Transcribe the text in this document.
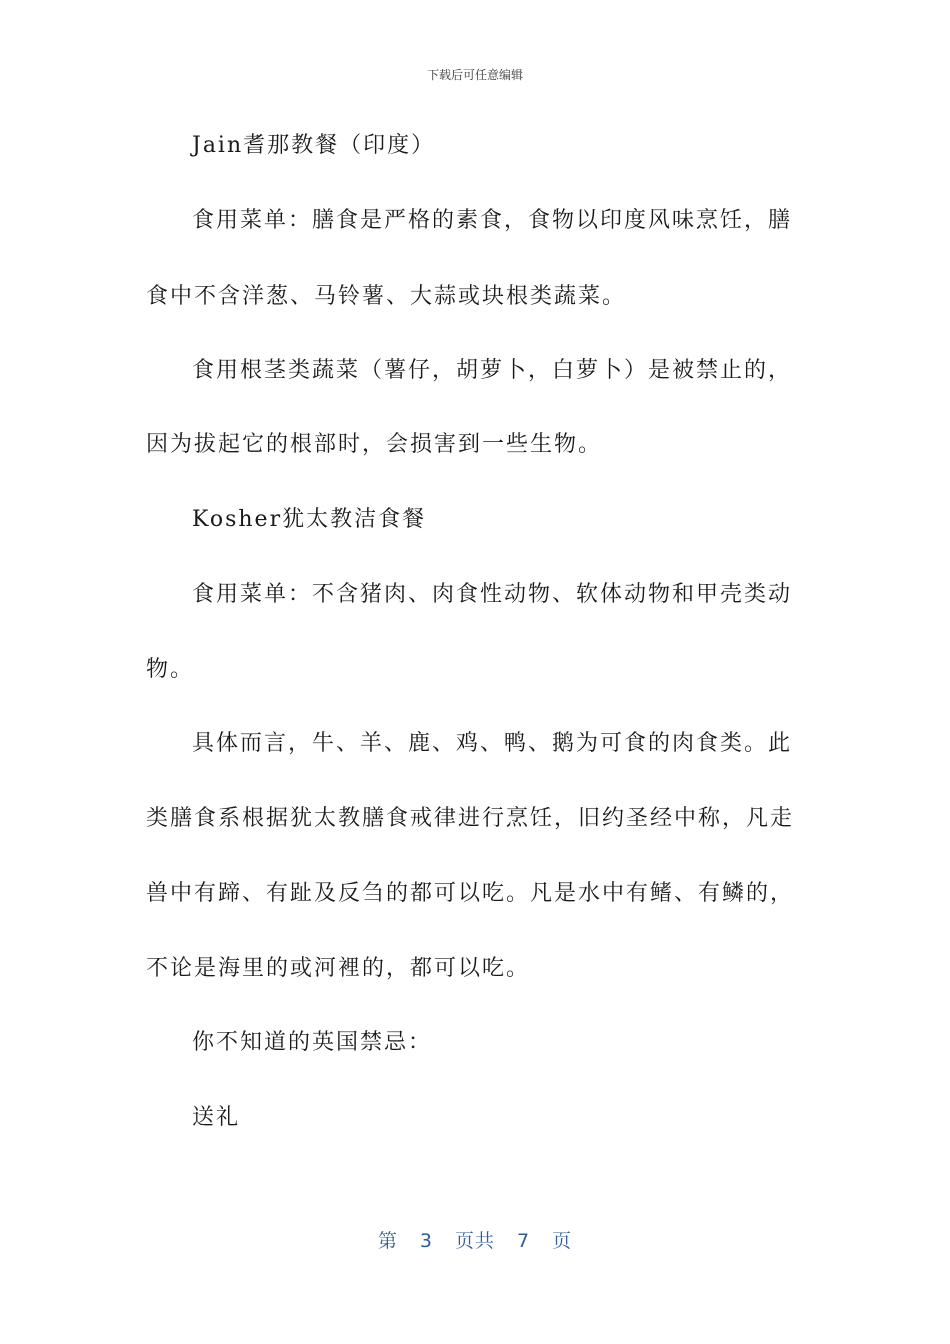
下载后可任意编辑
Jain耆那教餐（印度）
食用菜单：膳食是严格的素食，食物以印度风味烹饪，膳
食中不含洋葱、马铃薯、大蒜或块根类蔬菜。
食用根茎类蔬菜（薯仔，胡萝卜，白萝卜）是被禁止的，
因为拔起它的根部时，会损害到一些生物。
Kosher犹太教洁食餐
食用菜单：不含猪肉、肉食性动物、软体动物和甲壳类动
物。
具体而言，牛、羊、鹿、鸡、鸭、鹅为可食的肉食类。此
类膳食系根据犹太教膳食戒律进行烹饪，旧约圣经中称，凡走
兽中有蹄、有趾及反刍的都可以吃。凡是水中有鳍、有鳞的，
不论是海里的或河裡的，都可以吃。
你不知道的英国禁忌：
送礼
第 3 页共 7 页
